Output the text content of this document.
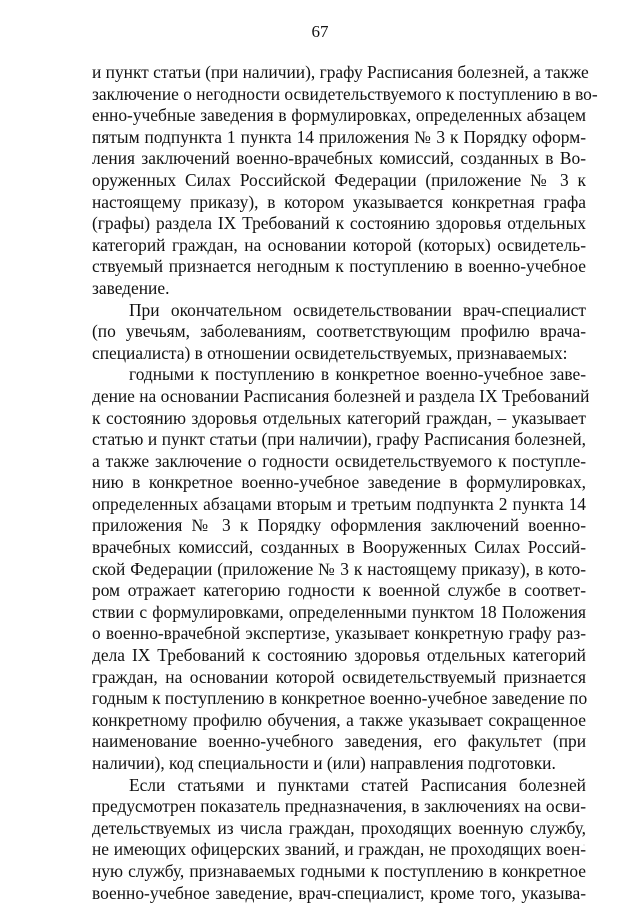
67
и пункт статьи (при наличии), графу Расписания болезней, а также
заключение о негодности освидетельствуемого к поступлению в во-
енно-учебные заведения в формулировках, определенных абзацем
пятым подпункта 1 пункта 14 приложения № 3 к Порядку оформ-
ления заключений военно-врачебных комиссий, созданных в Во-
оруженных Силах Российской Федерации (приложение № 3 к
настоящему приказу), в котором указывается конкретная графа
(графы) раздела IX Требований к состоянию здоровья отдельных
категорий граждан, на основании которой (которых) освидетель-
ствуемый признается негодным к поступлению в военно-учебное
заведение.
При окончательном освидетельствовании врач-специалист
(по увечьям, заболеваниям, соответствующим профилю врача-
специалиста) в отношении освидетельствуемых, признаваемых:
годными к поступлению в конкретное военно-учебное заве-
дение на основании Расписания болезней и раздела IX Требований
к состоянию здоровья отдельных категорий граждан, – указывает
статью и пункт статьи (при наличии), графу Расписания болезней,
а также заключение о годности освидетельствуемого к поступле-
нию в конкретное военно-учебное заведение в формулировках,
определенных абзацами вторым и третьим подпункта 2 пункта 14
приложения № 3 к Порядку оформления заключений военно-
врачебных комиссий, созданных в Вооруженных Силах Россий-
ской Федерации (приложение № 3 к настоящему приказу), в кото-
ром отражает категорию годности к военной службе в соответ-
ствии с формулировками, определенными пунктом 18 Положения
о военно-врачебной экспертизе, указывает конкретную графу раз-
дела IX Требований к состоянию здоровья отдельных категорий
граждан, на основании которой освидетельствуемый признается
годным к поступлению в конкретное военно-учебное заведение по
конкретному профилю обучения, а также указывает сокращенное
наименование военно-учебного заведения, его факультет (при
наличии), код специальности и (или) направления подготовки.
Если статьями и пунктами статей Расписания болезней
предусмотрен показатель предназначения, в заключениях на осви-
детельствуемых из числа граждан, проходящих военную службу,
не имеющих офицерских званий, и граждан, не проходящих воен-
ную службу, признаваемых годными к поступлению в конкретное
военно-учебное заведение, врач-специалист, кроме того, указыва-
